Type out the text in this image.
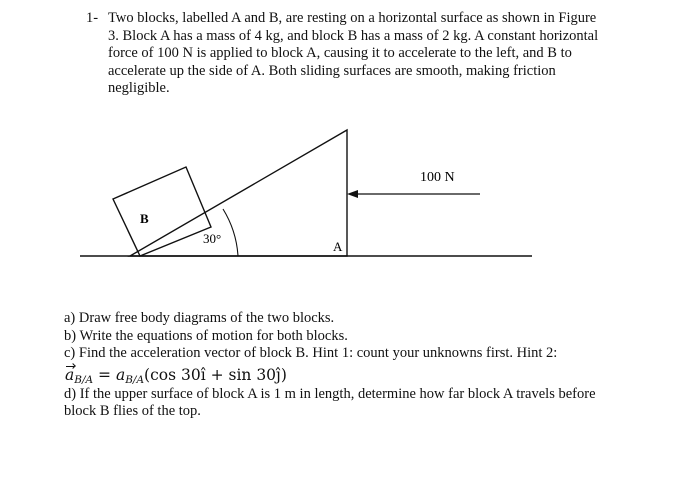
1- Two blocks, labelled A and B, are resting on a horizontal surface as shown in Figure
3. Block A has a mass of 4 kg, and block B has a mass of 2 kg. A constant horizontal
force of 100 N is applied to block A, causing it to accelerate to the left, and B to
accelerate up the side of A. Both sliding surfaces are smooth, making friction
negligible.
100 N
B
30°
A
a) Draw free body diagrams of the two blocks.
b) Write the equations of motion for both blocks.
c) Find the acceleration vector of block B. Hint 1: count your unknowns first. Hint 2:
$a_{B/A} = a_{B/A}(\cos$ 30î + sin 30ĵ)
d) If the upper surface of block A is 1 m in length, determine how far block A travels before
block B flies of the top.
